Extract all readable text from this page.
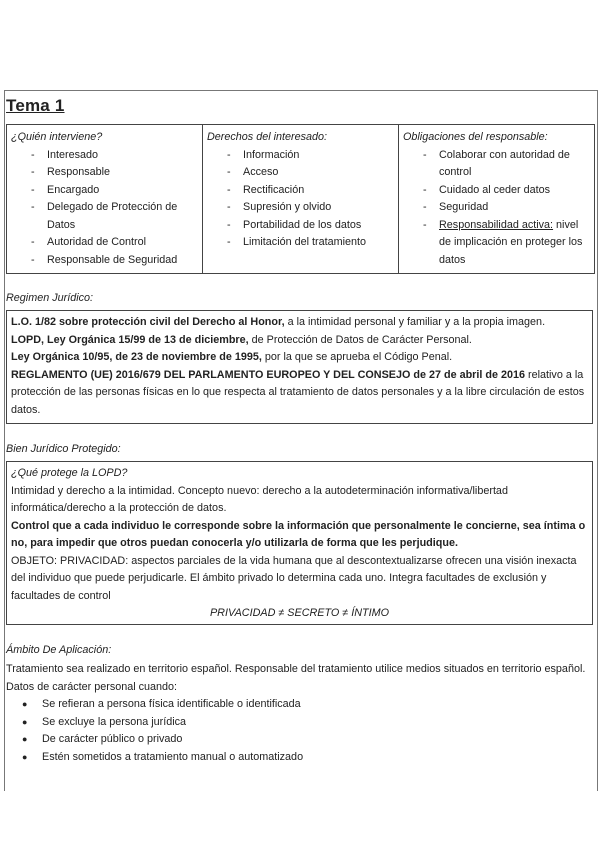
Tema 1
¿Quién interviene?
- Interesado
- Responsable
- Encargado
- Delegado de Protección de Datos
- Autoridad de Control
- Responsable de Seguridad
Derechos del interesado:
- Información
- Acceso
- Rectificación
- Supresión y olvido
- Portabilidad de los datos
- Limitación del tratamiento
Obligaciones del responsable:
- Colaborar con autoridad de control
- Cuidado al ceder datos
- Seguridad
- Responsabilidad activa: nivel de implicación en proteger los datos
Regimen Jurídico:

L.O. 1/82 sobre protección civil del Derecho al Honor, a la intimidad personal y familiar y a la propia imagen.

LOPD, Ley Orgánica 15/99 de 13 de diciembre, de Protección de Datos de Carácter Personal.

Ley Orgánica 10/95, de 23 de noviembre de 1995, por la que se aprueba el Código Penal.

REGLAMENTO (UE) 2016/679 DEL PARLAMENTO EUROPEO Y DEL CONSEJO de 27 de abril de 2016 relativo a la protección de las personas físicas en lo que respecta al tratamiento de datos personales y a la libre circulación de estos datos.

Bien Jurídico Protegido:

¿Qué protege la LOPD?

Intimidad y derecho a la intimidad. Concepto nuevo: derecho a la autodeterminación informativa/libertad informática/derecho a la protección de datos.

Control que a cada individuo le corresponde sobre la información que personalmente le concierne, sea íntima o no, para impedir que otros puedan conocerla y/o utilizarla de forma que les perjudique.

OBJETO: PRIVACIDAD: aspectos parciales de la vida humana que al descontextualizarse ofrecen una visión inexacta del individuo que puede perjudicarle. El ámbito privado lo determina cada uno. Integra facultades de exclusión y facultades de control

PRIVACIDAD ≠ SECRETO ≠ ÍNTIMO

Ámbito De Aplicación:

Tratamiento sea realizado en territorio español. Responsable del tratamiento utilice medios situados en territorio español. Datos de carácter personal cuando:

● Se refieran a persona física identificable o identificada
● Se excluye la persona jurídica
● De carácter público o privado
● Estén sometidos a tratamiento manual o automatizado
